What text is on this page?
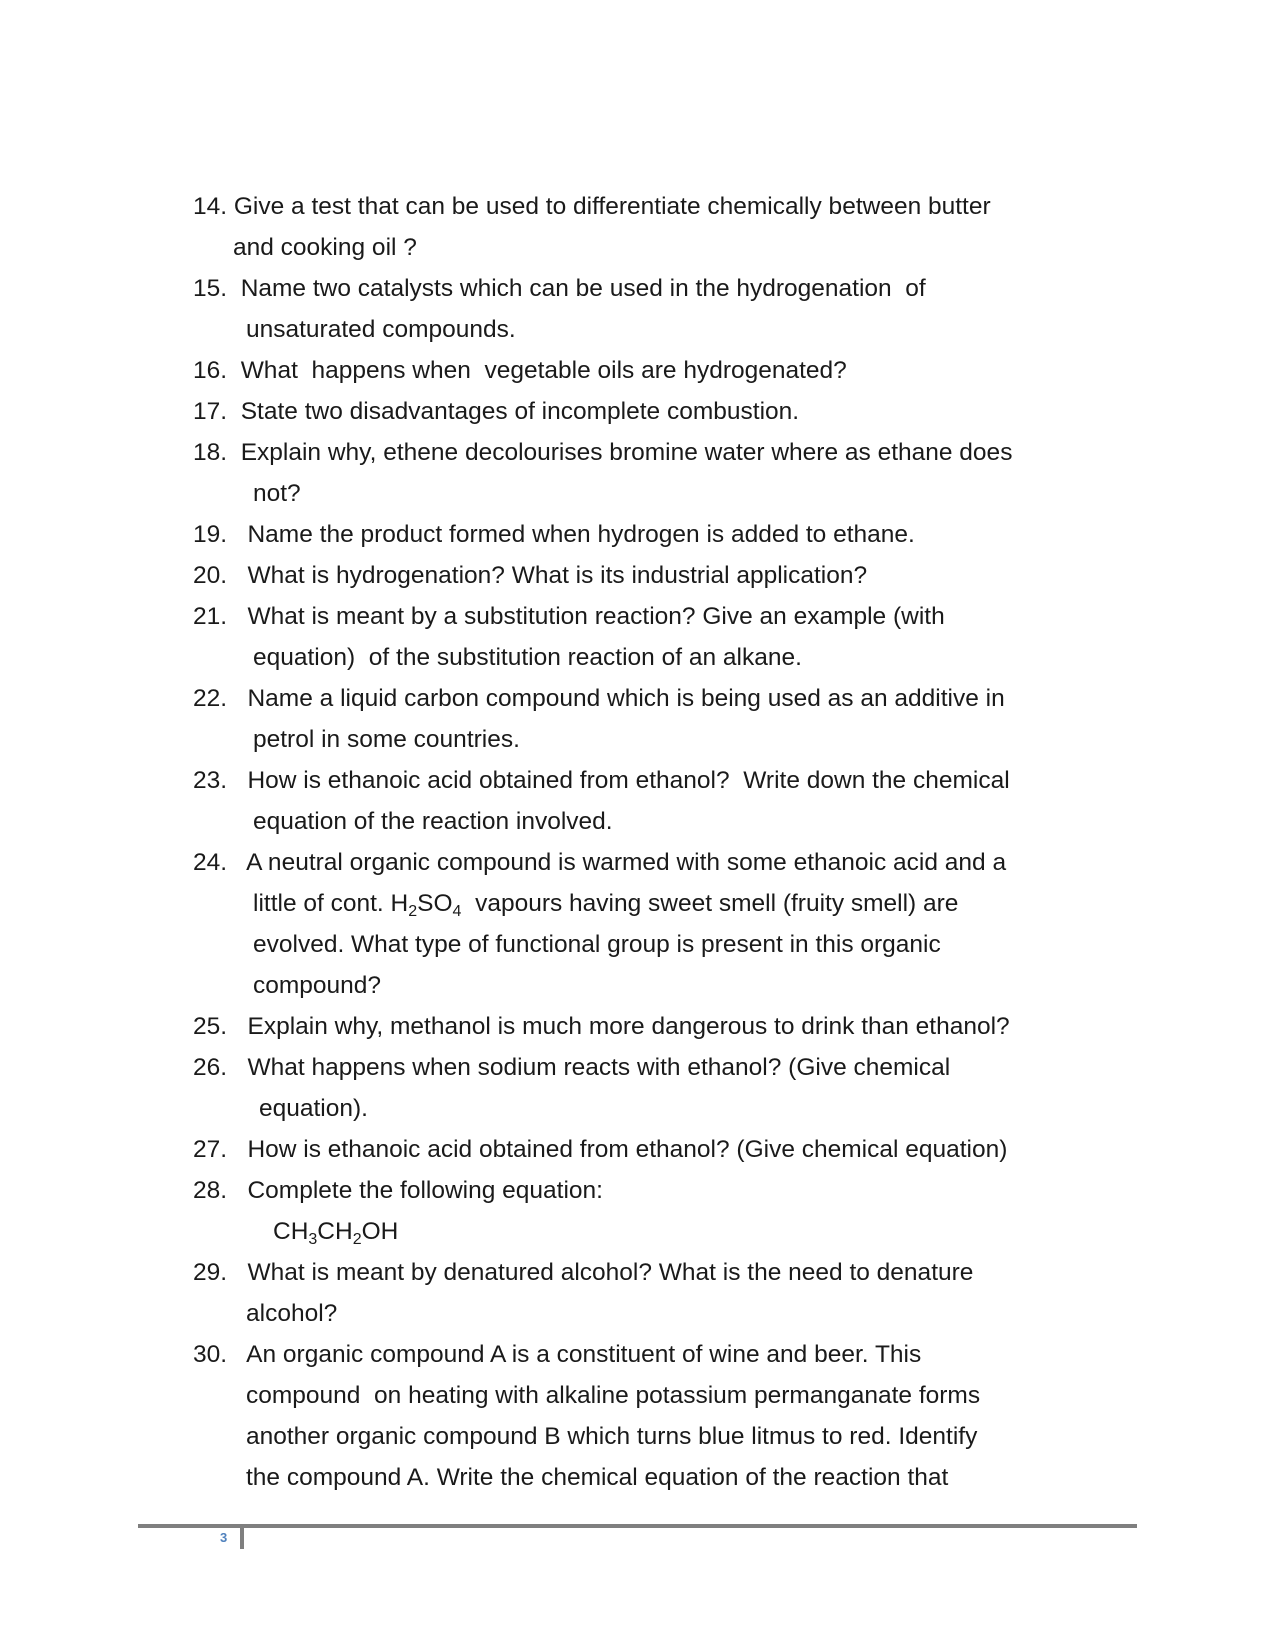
14. Give a test that can be used to differentiate chemically between butter
and cooking oil ?
15. Name two catalysts which can be used in the hydrogenation  of
unsaturated compounds.
16. What  happens when  vegetable oils are hydrogenated?
17. State two disadvantages of incomplete combustion.
18. Explain why, ethene decolourises bromine water where as ethane does
not?
19. Name the product formed when hydrogen is added to ethane.
20. What is hydrogenation? What is its industrial application?
21. What is meant by a substitution reaction? Give an example (with
equation)  of the substitution reaction of an alkane.
22. Name a liquid carbon compound which is being used as an additive in
petrol in some countries.
23. How is ethanoic acid obtained from ethanol?  Write down the chemical
equation of the reaction involved.
24. A neutral organic compound is warmed with some ethanoic acid and a
little of cont. $H_2SO_4$  vapours having sweet smell (fruity smell) are
evolved. What type of functional group is present in this organic
compound?
25. Explain why, methanol is much more dangerous to drink than ethanol?
26. What happens when sodium reacts with ethanol? (Give chemical
equation).
27. How is ethanoic acid obtained from ethanol? (Give chemical equation)
28. Complete the following equation:
$CH_3CH_2OH$
29. What is meant by denatured alcohol? What is the need to denature
alcohol?
30. An organic compound A is a constituent of wine and beer. This
compound  on heating with alkaline potassium permanganate forms
another organic compound B which turns blue litmus to red. Identify
the compound A. Write the chemical equation of the reaction that
3
